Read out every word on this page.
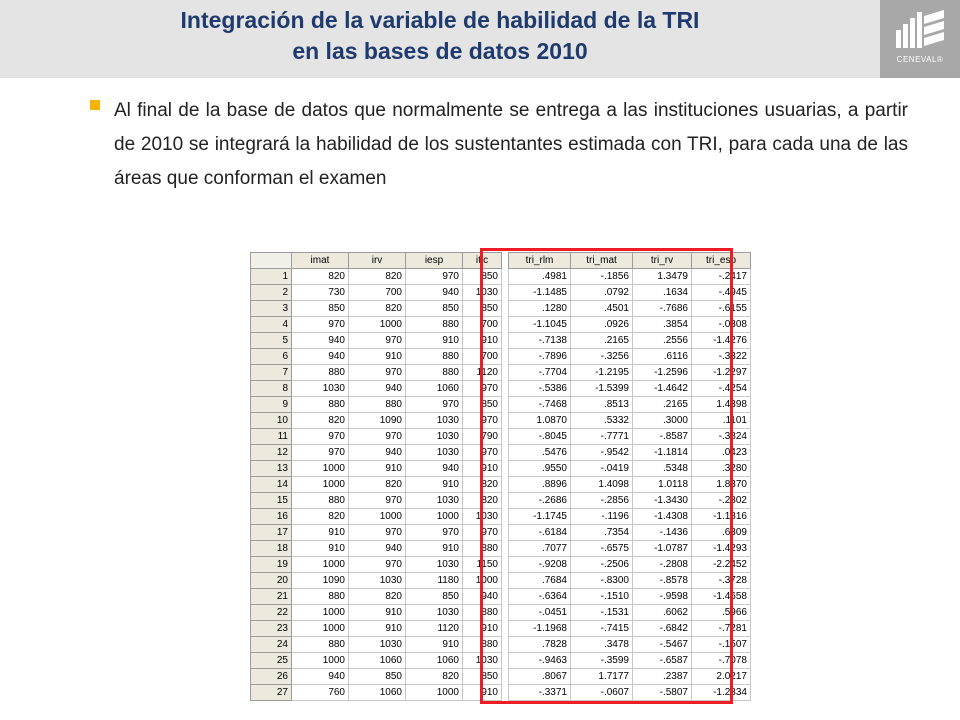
Integración de la variable de habilidad de la TRI
en las bases de datos 2010	CENEVAL®

Al final de la base de datos que normalmente se entrega a las instituciones usuarias, a partir de 2010 se integrará la habilidad de los sustentantes estimada con TRI, para cada una de las áreas que conforman el examen

	imat	irv	iesp	itic		tri_rlm	tri_mat	tri_rv	tri_esp
1	820	820	970	850		.4981	-.1856	1.3479	-.2417
2	730	700	940	1030		-1.1485	.0792	.1634	-.4945
3	850	820	850	850		.1280	.4501	-.7686	-.6155
4	970	1000	880	700		-1.1045	.0926	.3854	-.0308
5	940	970	910	910		-.7138	.2165	.2556	-1.4276
6	940	910	880	700		-.7896	-.3256	.6116	-.3322
7	880	970	880	1120		-.7704	-1.2195	-1.2596	-1.2297
8	1030	940	1060	970		-.5386	-1.5399	-1.4642	-.4254
9	880	880	970	850		-.7468	.8513	.2165	1.4398
10	820	1090	1030	970		1.0870	.5332	.3000	.1101
11	970	970	1030	790		-.8045	-.7771	-.8587	-.3824
12	970	940	1030	970		.5476	-.9542	-1.1814	.0423
13	1000	910	940	910		.9550	-.0419	.5348	.3280
14	1000	820	910	820		.8896	1.4098	1.0118	1.8370
15	880	970	1030	820		-.2686	-.2856	-1.3430	-.2802
16	820	1000	1000	1030		-1.1745	-.1196	-1.4308	-1.1816
17	910	970	970	970		-.6184	.7354	-.1436	.6309
18	910	940	910	880		.7077	-.6575	-1.0787	-1.4293
19	1000	970	1030	1150		-.9208	-.2506	-.2808	-2.2452
20	1090	1030	1180	1000		.7684	-.8300	-.8578	-.3728
21	880	820	850	940		-.6364	-.1510	-.9598	-1.4658
22	1000	910	1030	880		-.0451	-.1531	.6062	.5966
23	1000	910	1120	910		-1.1968	-.7415	-.6842	-.7281
24	880	1030	910	880		.7828	.3478	-.5467	-.1507
25	1000	1060	1060	1030		-.9463	-.3599	-.6587	-.7078
26	940	850	820	850		.8067	1.7177	.2387	2.0217
27	760	1060	1000	910		-.3371	-.0607	-.5807	-1.2834
